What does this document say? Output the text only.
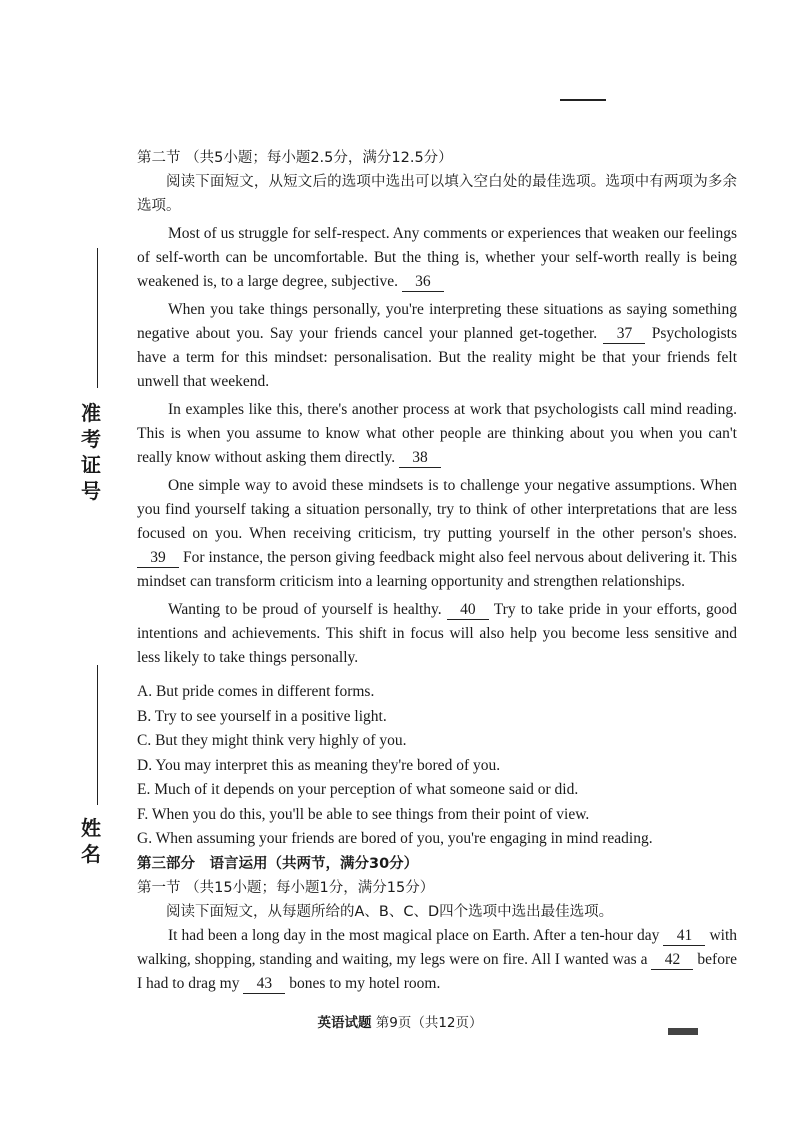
准考证号
姓名
第二节 （共5小题；每小题2.5分，满分12.5分）

阅读下面短文，从短文后的选项中选出可以填入空白处的最佳选项。选项中有两项为多余选项。

Most of us struggle for self-respect. Any comments or experiences that weaken our feelings of self-worth can be uncomfortable. But the thing is, whether your self-worth really is being weakened is, to a large degree, subjective. 36

When you take things personally, you're interpreting these situations as saying something negative about you. Say your friends cancel your planned get-together. 37 Psychologists have a term for this mindset: personalisation. But the reality might be that your friends felt unwell that weekend.

In examples like this, there's another process at work that psychologists call mind reading. This is when you assume to know what other people are thinking about you when you can't really know without asking them directly. 38

One simple way to avoid these mindsets is to challenge your negative assumptions. When you find yourself taking a situation personally, try to think of other interpretations that are less focused on you. When receiving criticism, try putting yourself in the other person's shoes. 39 For instance, the person giving feedback might also feel nervous about delivering it. This mindset can transform criticism into a learning opportunity and strengthen relationships.

Wanting to be proud of yourself is healthy. 40 Try to take pride in your efforts, good intentions and achievements. This shift in focus will also help you become less sensitive and less likely to take things personally.

A. But pride comes in different forms.

B. Try to see yourself in a positive light.

C. But they might think very highly of you.

D. You may interpret this as meaning they're bored of you.

E. Much of it depends on your perception of what someone said or did.

F. When you do this, you'll be able to see things from their point of view.

G. When assuming your friends are bored of you, you're engaging in mind reading.

第三部分　语言运用（共两节，满分30分）

第一节 （共15小题；每小题1分，满分15分）

阅读下面短文，从每题所给的A、B、C、D四个选项中选出最佳选项。

It had been a long day in the most magical place on Earth. After a ten-hour day 41 with walking, shopping, standing and waiting, my legs were on fire. All I wanted was a 42 before I had to drag my 43 bones to my hotel room.

英语试题 第9页（共12页）
